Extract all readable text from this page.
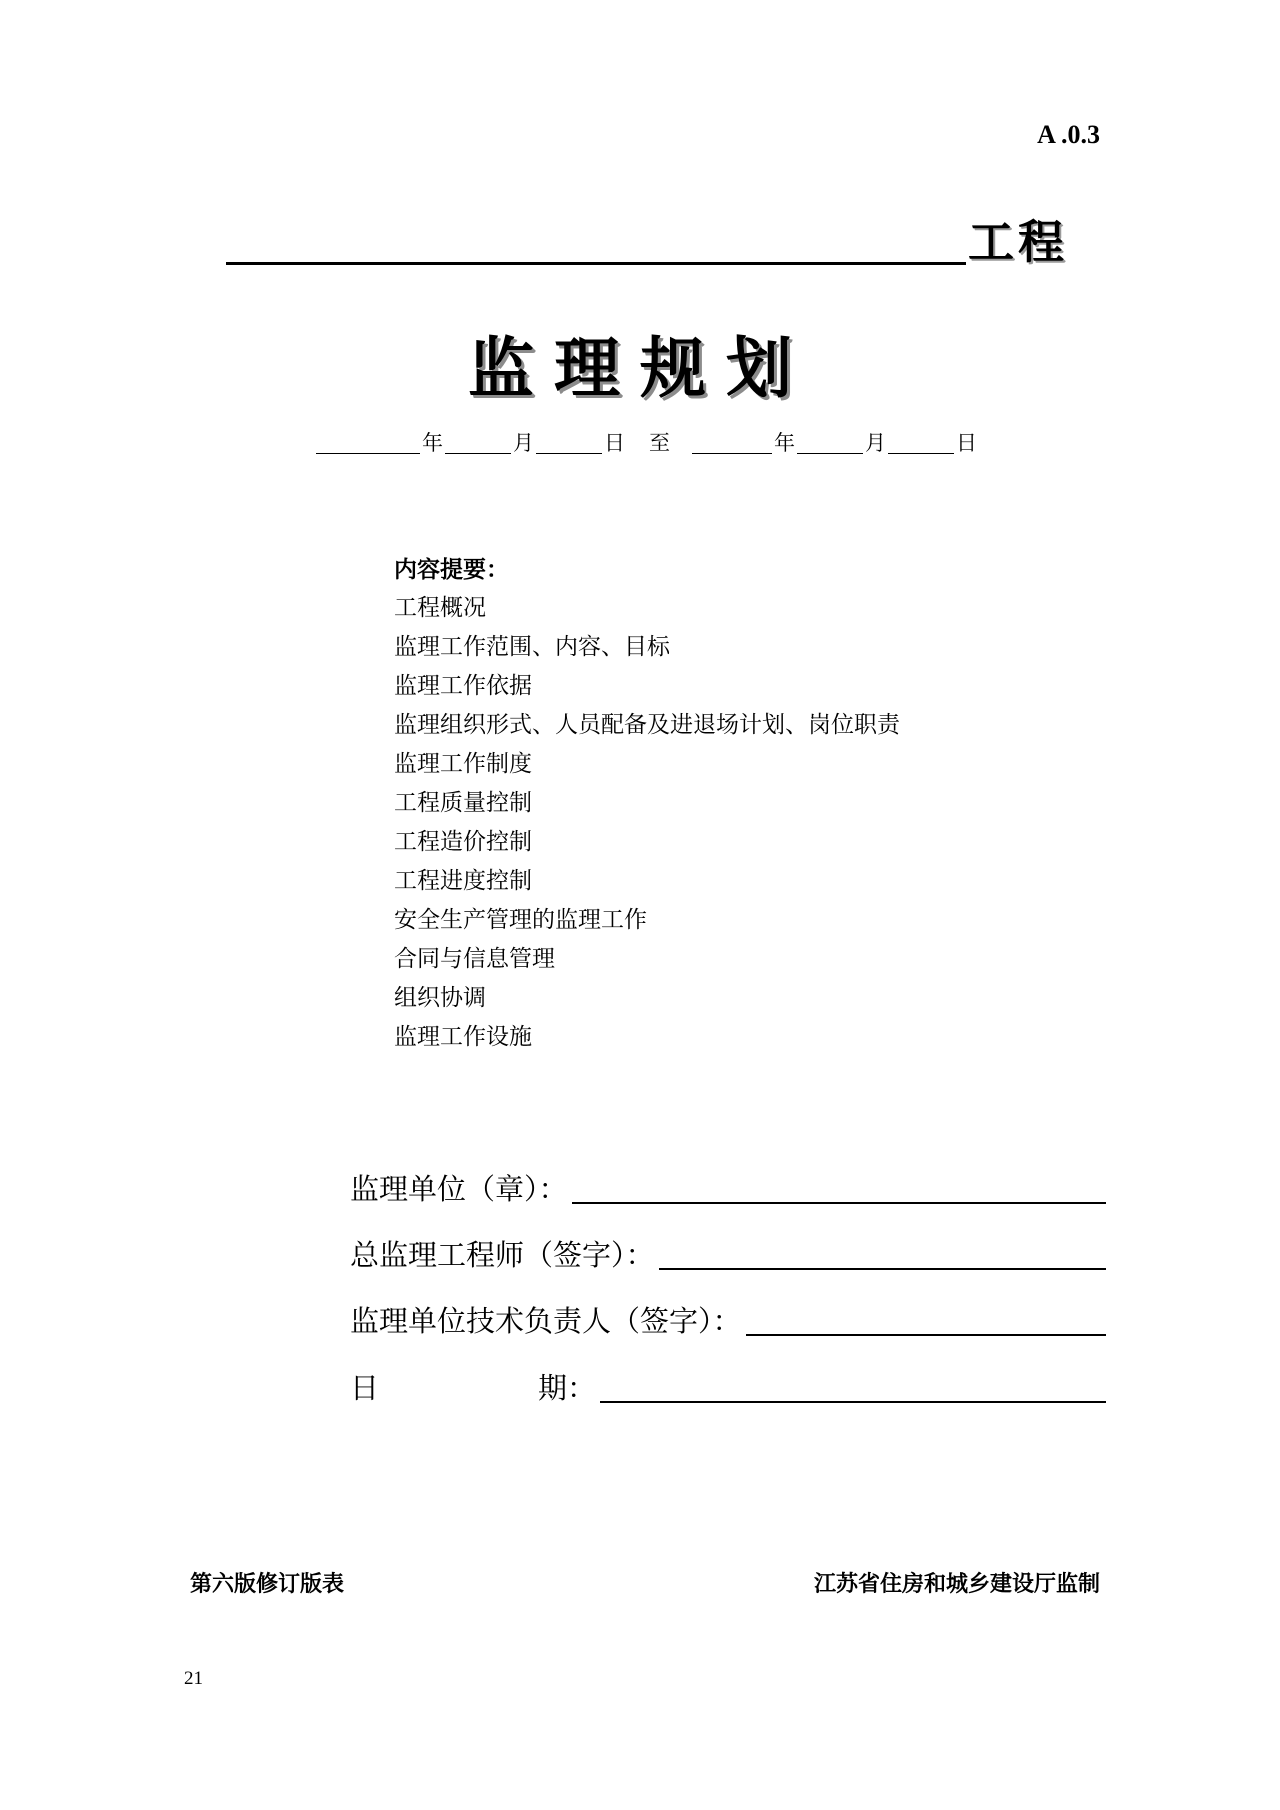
A .0.3
工程
监理规划
年	月	日	至	年	月	日
内容提要：
工程概况
监理工作范围、内容、目标
监理工作依据
监理组织形式、人员配备及进退场计划、岗位职责
监理工作制度
工程质量控制
工程造价控制
工程进度控制
安全生产管理的监理工作
合同与信息管理
组织协调
监理工作设施
监理单位（章）：
总监理工程师（签字）：
监理单位技术负责人（签字）：
日	期：
第六版修订版表	江苏省住房和城乡建设厅监制
21
